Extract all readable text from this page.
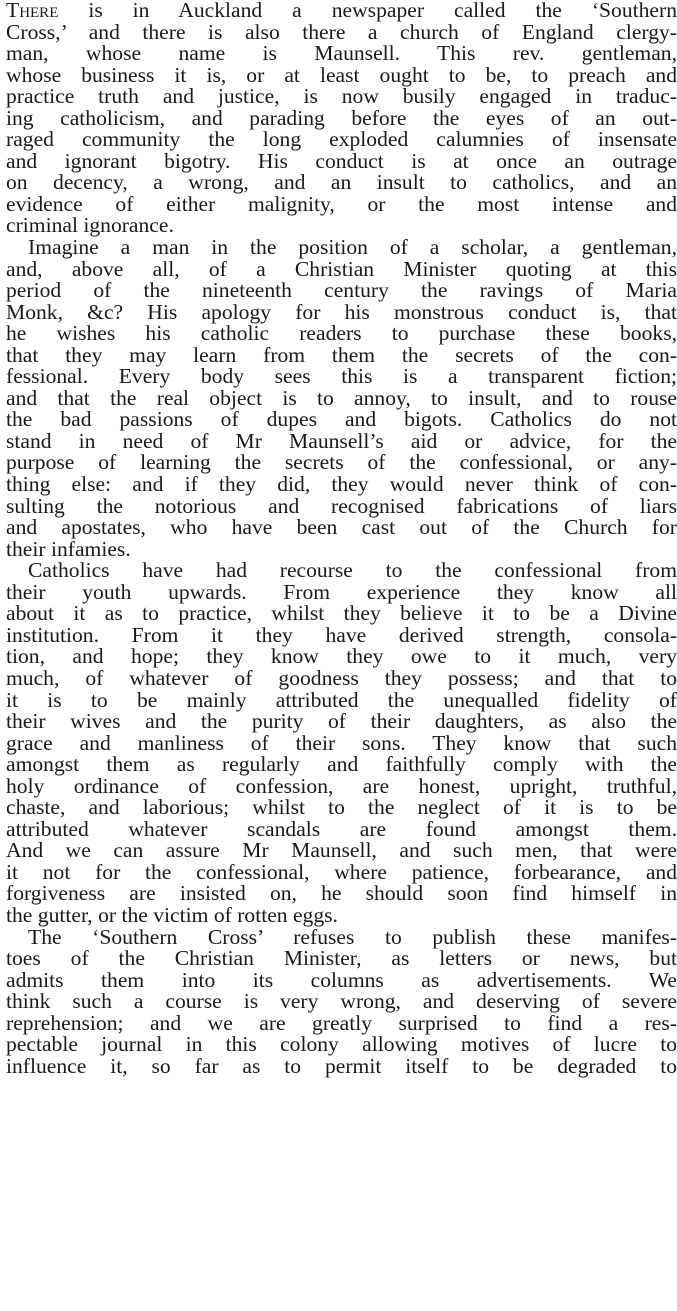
There is in Auckland a newspaper called the ‘Southern
Cross,’ and there is also there a church of England clergy-
man, whose name is Maunsell. This rev. gentleman,
whose business it is, or at least ought to be, to preach and
practice truth and justice, is now busily engaged in traduc-
ing catholicism, and parading before the eyes of an out-
raged community the long exploded calumnies of insensate
and ignorant bigotry. His conduct is at once an outrage
on decency, a wrong, and an insult to catholics, and an
evidence of either malignity, or the most intense and
criminal ignorance.
Imagine a man in the position of a scholar, a gentleman,
and, above all, of a Christian Minister quoting at this
period of the nineteenth century the ravings of Maria
Monk, &c? His apology for his monstrous conduct is, that
he wishes his catholic readers to purchase these books,
that they may learn from them the secrets of the con-
fessional. Every body sees this is a transparent fiction;
and that the real object is to annoy, to insult, and to rouse
the bad passions of dupes and bigots. Catholics do not
stand in need of Mr Maunsell’s aid or advice, for the
purpose of learning the secrets of the confessional, or any-
thing else: and if they did, they would never think of con-
sulting the notorious and recognised fabrications of liars
and apostates, who have been cast out of the Church for
their infamies.
Catholics have had recourse to the confessional from
their youth upwards. From experience they know all
about it as to practice, whilst they believe it to be a Divine
institution. From it they have derived strength, consola-
tion, and hope; they know they owe to it much, very
much, of whatever of goodness they possess; and that to
it is to be mainly attributed the unequalled fidelity of
their wives and the purity of their daughters, as also the
grace and manliness of their sons. They know that such
amongst them as regularly and faithfully comply with the
holy ordinance of confession, are honest, upright, truthful,
chaste, and laborious; whilst to the neglect of it is to be
attributed whatever scandals are found amongst them.
And we can assure Mr Maunsell, and such men, that were
it not for the confessional, where patience, forbearance, and
forgiveness are insisted on, he should soon find himself in
the gutter, or the victim of rotten eggs.
The ‘Southern Cross’ refuses to publish these manifes-
toes of the Christian Minister, as letters or news, but
admits them into its columns as advertisements. We
think such a course is very wrong, and deserving of severe
reprehension; and we are greatly surprised to find a res-
pectable journal in this colony allowing motives of lucre to
influence it, so far as to permit itself to be degraded to
